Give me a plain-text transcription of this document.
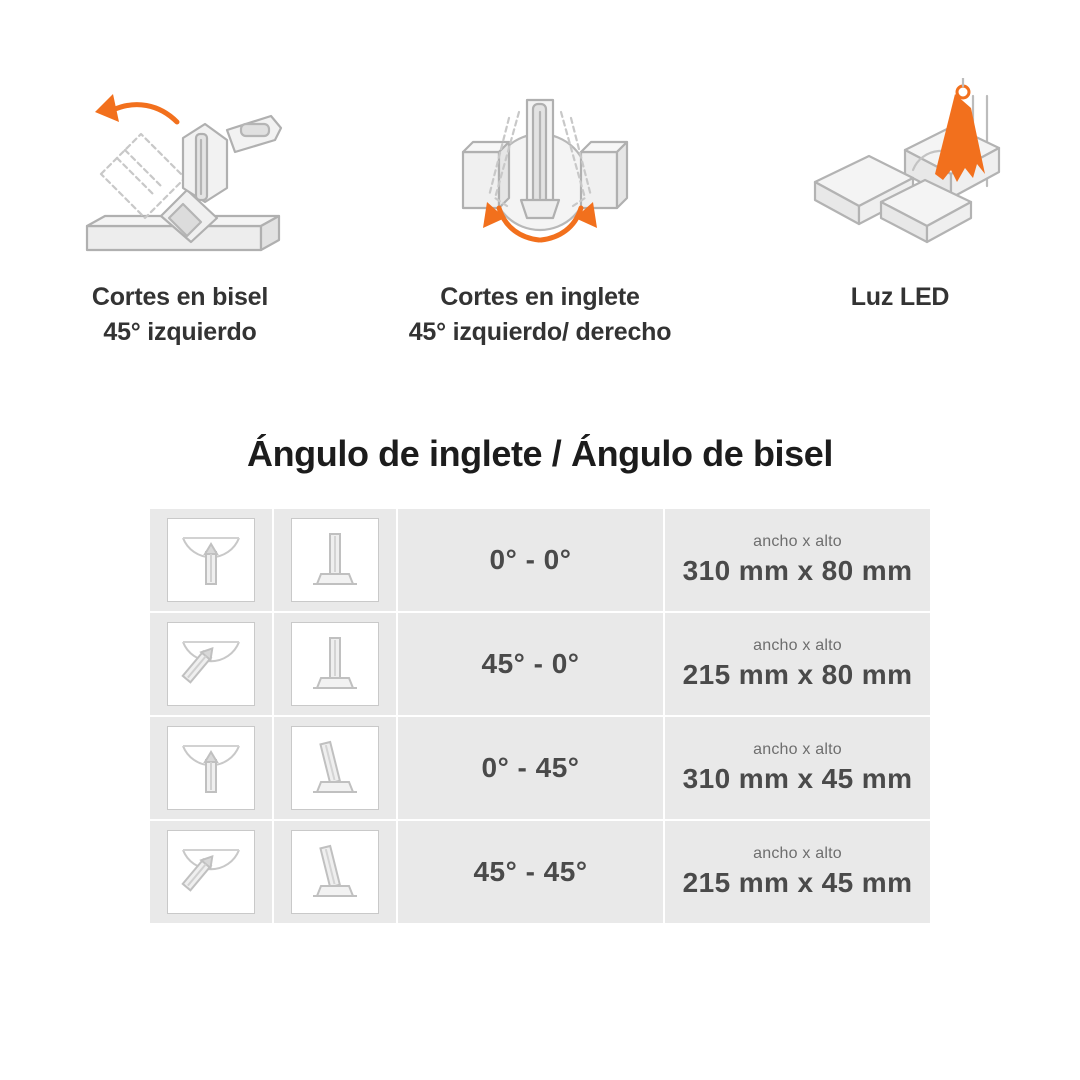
Cortes en bisel
45° izquierdo
Cortes en inglete
45° izquierdo/ derecho
Luz LED
Ángulo de inglete / Ángulo de bisel

	0° - 0°	ancho x alto
310 mm x 80 mm

	45° - 0°	ancho x alto
215 mm x 80 mm

	0° - 45°	ancho x alto
310 mm x 45 mm

	45° - 45°	ancho x alto
215 mm x 45 mm
